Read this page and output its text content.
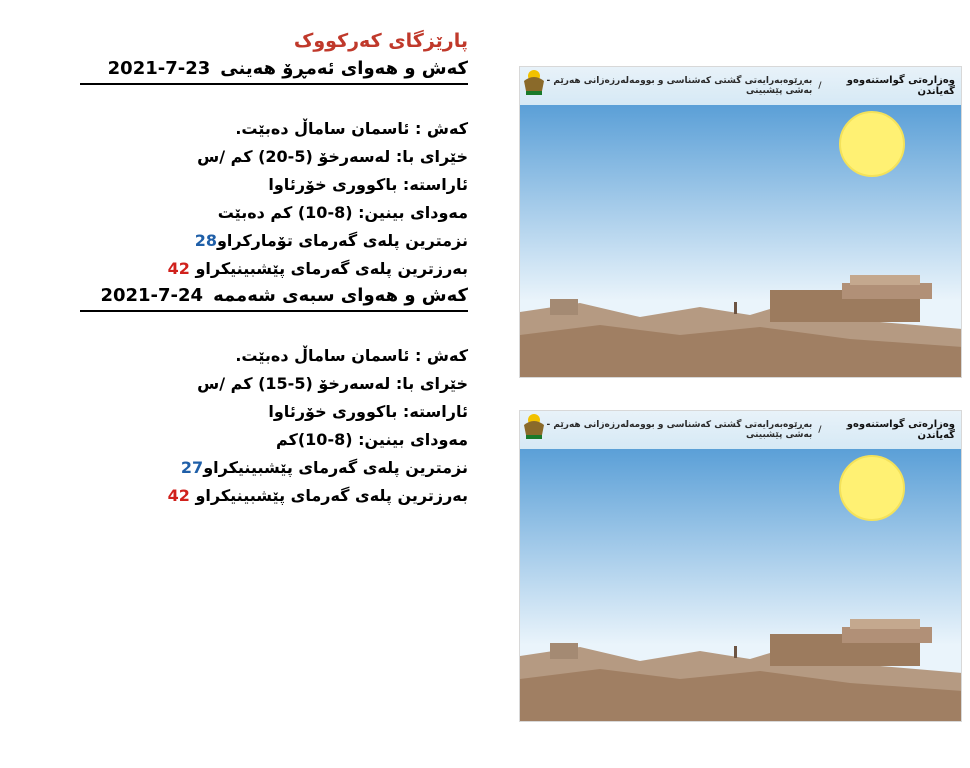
پارێزگای کەرکووک
کەش و هەوای ئەمڕۆ هەینی
2021-7-23
کەش : ئاسمان ساماڵ دەبێت.
خێرای با: لەسەرخۆ (20-5) کم /س
ئاراستە: باکووری خۆرئاوا
مەودای بینین: (10-8) کم دەبێت
نزمترین پلەی گەرمای تۆمارکراو28
بەرزترین پلەی گەرمای پێشبینیکراو 42
کەش و هەوای سبەی شەممە
2021-7-24
کەش : ئاسمان ساماڵ دەبێت.
خێرای با: لەسەرخۆ (15-5) کم /س
ئاراستە: باکووری خۆرئاوا
مەودای بینین: (10-8)کم
نزمترین پلەی گەرمای پێشبینیکراو27
بەرزترین پلەی گەرمای پێشبینیکراو 42
وەزارەتی گواستنەوەو گەیاندن
/
بەڕێوەبەرایەتی گشتی کەشناسی و بوومەلەرزەزانی هەرێم - بەشی پێشبینی
وەزارەتی گواستنەوەو گەیاندن
/
بەڕێوەبەرایەتی گشتی کەشناسی و بوومەلەرزەزانی هەرێم - بەشی پێشبینی
